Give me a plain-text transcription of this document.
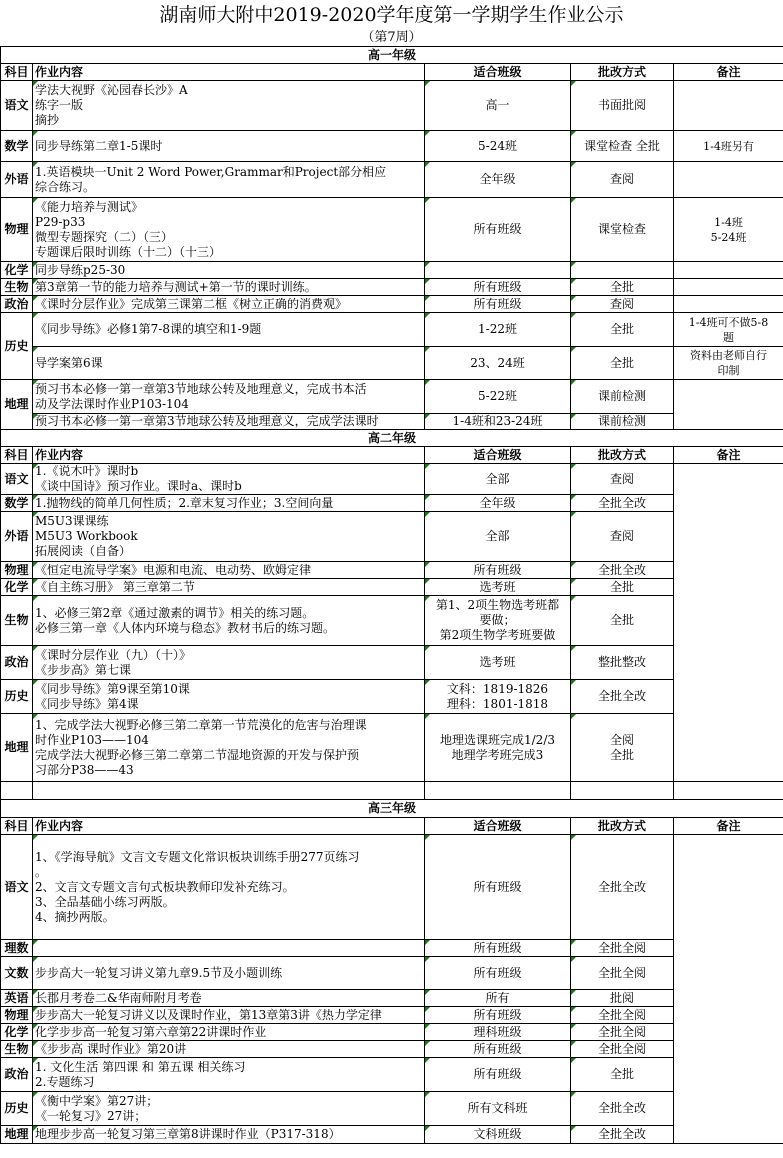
湖南师大附中2019-2020学年度第一学期学生作业公示
（第7周）
高一年级				
科目	作业内容	适合班级	批改方式	备注
语文	学法大视野《沁园春长沙》A
练字一版
摘抄	高一	书面批阅	
数学	同步导练第二章1-5课时	5-24班	课堂检查 全批	1-4班另有
外语	1.英语模块一Unit 2 Word Power,Grammar和Project部分相应
综合练习。	全年级	查阅	
物理	《能力培养与测试》
P29-p33
微型专题探究（二）（三）
专题课后限时训练（十二）（十三）	所有班级	课堂检查	1-4班
5-24班

化学	同步导练p25-30			

生物	第3章第一节的能力培养与测试+第一节的课时训练。	所有班级	全批	
政治	《课时分层作业》完成第三课第二框《树立正确的消费观》	所有班级	查阅	
历史	《同步导练》必修1第7-8课的填空和1-9题	1-22班	全批	1-4班可不做5-8
题

	导学案第6课	23、24班	全批	资料由老师自行
印制

地理	预习书本必修一第一章第3节地球公转及地理意义，完成书本活
动及学法课时作业P103-104	5-22班	课前检测	

	预习书本必修一第一章第3节地球公转及地理意义，完成学法课时	1-4班和23-24班	课前检测	
高二年级				
科目	作业内容	适合班级	批改方式	备注
语文	1.《说木叶》课时b
《谈中国诗》预习作业。课时a、课时b	全部	查阅	
数学	1.抛物线的简单几何性质；2.章末复习作业；3.空间向量	全年级	全批全改	
外语	M5U3课课练
M5U3 Workbook
拓展阅读（自备）	全部	查阅	
物理	《恒定电流导学案》电源和电流、电动势、欧姆定律	所有班级	全批全改	
化学	《自主练习册》 第三章第二节	选考班	全批	
生物	1、必修三第2章《通过激素的调节》相关的练习题。
必修三第一章《人体内环境与稳态》教材书后的练习题。	第1、2项生物选考班都
要做；
第2项生物学考班要做	全批	
政治	《课时分层作业（九）（十）》
《步步高》第七课	选考班	整批整改	
历史	《同步导练》第9课至第10课
《同步导练》第4课	文科：1819-1826
理科：1801-1818	全批全改	
地理	1、完成学法大视野必修三第二章第一节荒漠化的危害与治理课
时作业P103——104
完成学法大视野必修三第二章第二节湿地资源的开发与保护预
习部分P38——43	地理选课班完成1/2/3
地理学考班完成3	全阅
全批	

高三年级				
科目	作业内容	适合班级	批改方式	备注
语文	1、《学海导航》文言文专题文化常识板块训练手册277页练习
。
2、文言文专题文言句式板块教师印发补充练习。
3、全品基础小练习两版。
4、摘抄两版。	所有班级	全批全改	
理数		所有班级	全批全阅	
文数	步步高大一轮复习讲义第九章9.5节及小题训练	所有班级	全批全阅	
英语	长郡月考卷二&华南师附月考卷	所有	批阅	
物理	步步高大一轮复习讲义以及课时作业，第13章第3讲《热力学定律	所有班级	全批全阅	
化学	化学步步高一轮复习第六章第22讲课时作业	理科班级	全批全阅	
生物	《步步高 课时作业》第20讲	所有班级	全批全阅	
政治	1. 文化生活 第四课 和 第五课 相关练习
2.专题练习	所有班级	全批	
历史	《衡中学案》第27讲；
《一轮复习》27讲；	所有文科班	全批全改	
地理	地理步步高一轮复习第三章第8讲课时作业（P317-318）	文科班级	全批全改	
